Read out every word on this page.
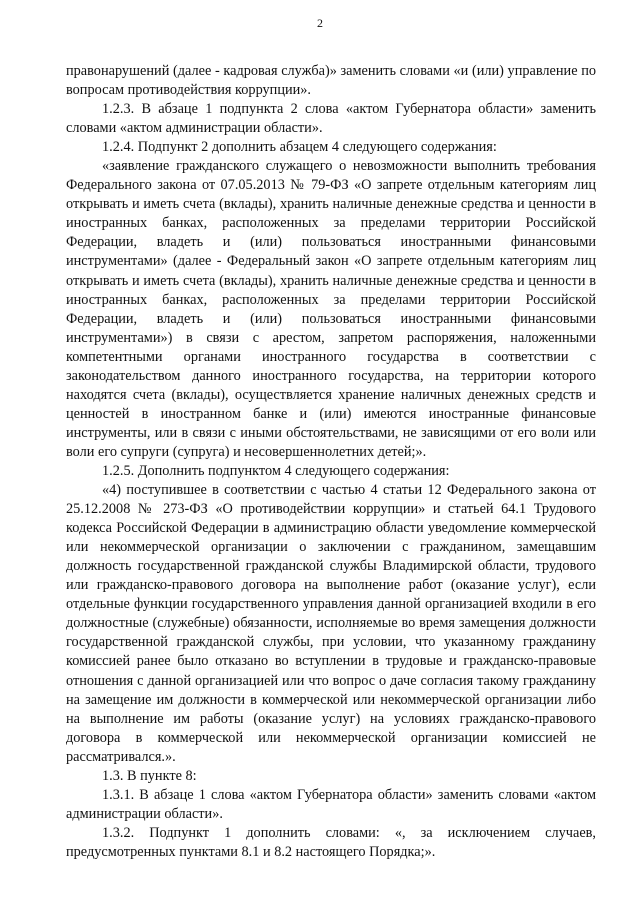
2

правонарушений (далее - кадровая служба)» заменить словами «и (или) управление по вопросам противодействия коррупции».

1.2.3. В абзаце 1 подпункта 2 слова «актом Губернатора области» заменить словами «актом администрации области».

1.2.4. Подпункт 2 дополнить абзацем 4 следующего содержания:

«заявление гражданского служащего о невозможности выполнить требования Федерального закона от 07.05.2013 № 79-ФЗ «О запрете отдельным категориям лиц открывать и иметь счета (вклады), хранить наличные денежные средства и ценности в иностранных банках, расположенных за пределами территории Российской Федерации, владеть и (или) пользоваться иностранными финансовыми инструментами» (далее - Федеральный закон «О запрете отдельным категориям лиц открывать и иметь счета (вклады), хранить наличные денежные средства и ценности в иностранных банках, расположенных за пределами территории Российской Федерации, владеть и (или) пользоваться иностранными финансовыми инструментами») в связи с арестом, запретом распоряжения, наложенными компетентными органами иностранного государства в соответствии с законодательством данного иностранного государства, на территории которого находятся счета (вклады), осуществляется хранение наличных денежных средств и ценностей в иностранном банке и (или) имеются иностранные финансовые инструменты, или в связи с иными обстоятельствами, не зависящими от его воли или воли его супруги (супруга) и несовершеннолетних детей;».

1.2.5. Дополнить подпунктом 4 следующего содержания:

«4) поступившее в соответствии с частью 4 статьи 12 Федерального закона от 25.12.2008 № 273-ФЗ «О противодействии коррупции» и статьей 64.1 Трудового кодекса Российской Федерации в администрацию области уведомление коммерческой или некоммерческой организации о заключении с гражданином, замещавшим должность государственной гражданской службы Владимирской области, трудового или гражданско-правового договора на выполнение работ (оказание услуг), если отдельные функции государственного управления данной организацией входили в его должностные (служебные) обязанности, исполняемые во время замещения должности государственной гражданской службы, при условии, что указанному гражданину комиссией ранее было отказано во вступлении в трудовые и гражданско-правовые отношения с данной организацией или что вопрос о даче согласия такому гражданину на замещение им должности в коммерческой или некоммерческой организации либо на выполнение им работы (оказание услуг) на условиях гражданско-правового договора в коммерческой или некоммерческой организации комиссией не рассматривался.».

1.3. В пункте 8:

1.3.1. В абзаце 1 слова «актом Губернатора области» заменить словами «актом администрации области».

1.3.2. Подпункт 1 дополнить словами: «, за исключением случаев, предусмотренных пунктами 8.1 и 8.2 настоящего Порядка;».
